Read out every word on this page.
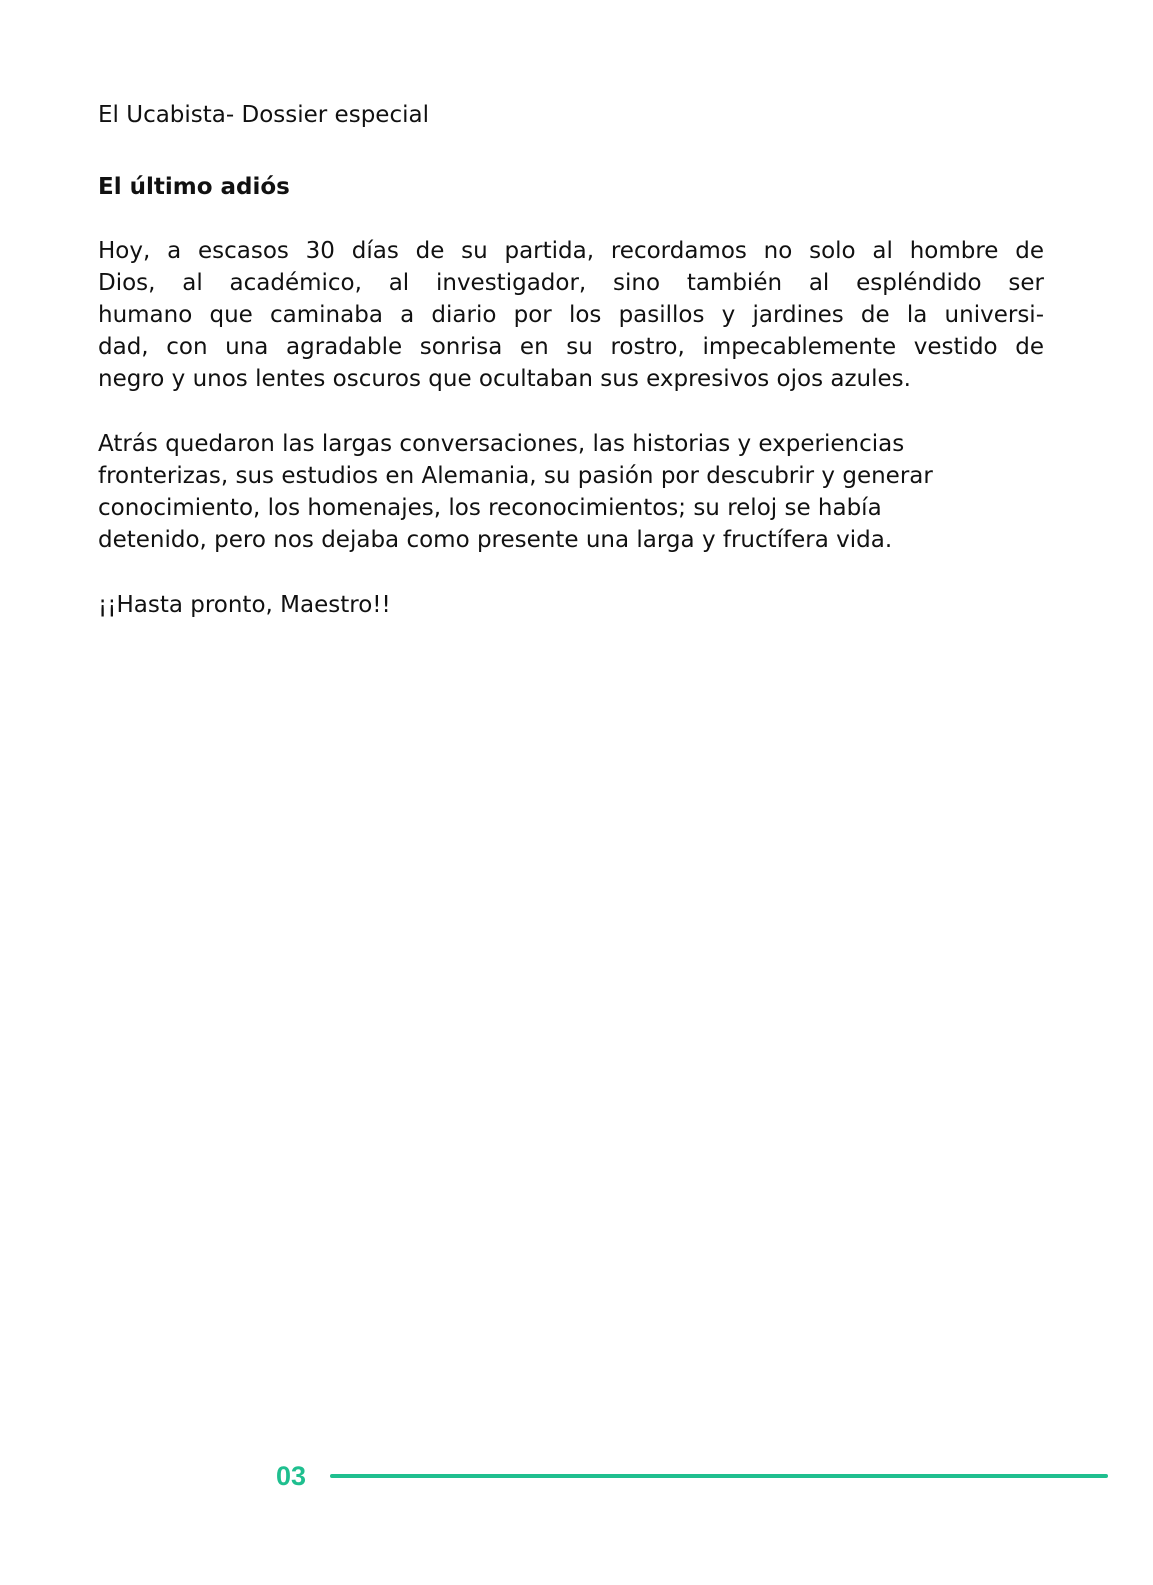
El Ucabista- Dossier especial
El último adiós
Hoy, a escasos 30 días de su partida, recordamos no solo al hombre de
Dios, al académico, al investigador, sino también al espléndido ser
humano que caminaba a diario por los pasillos y jardines de la universi-
dad, con una agradable sonrisa en su rostro, impecablemente vestido de
negro y unos lentes oscuros que ocultaban sus expresivos ojos azules.
Atrás quedaron las largas conversaciones, las historias y experiencias
fronterizas, sus estudios en Alemania, su pasión por descubrir y generar
conocimiento, los homenajes, los reconocimientos; su reloj se había
detenido, pero nos dejaba como presente una larga y fructífera vida.
¡¡Hasta pronto, Maestro!!
03
